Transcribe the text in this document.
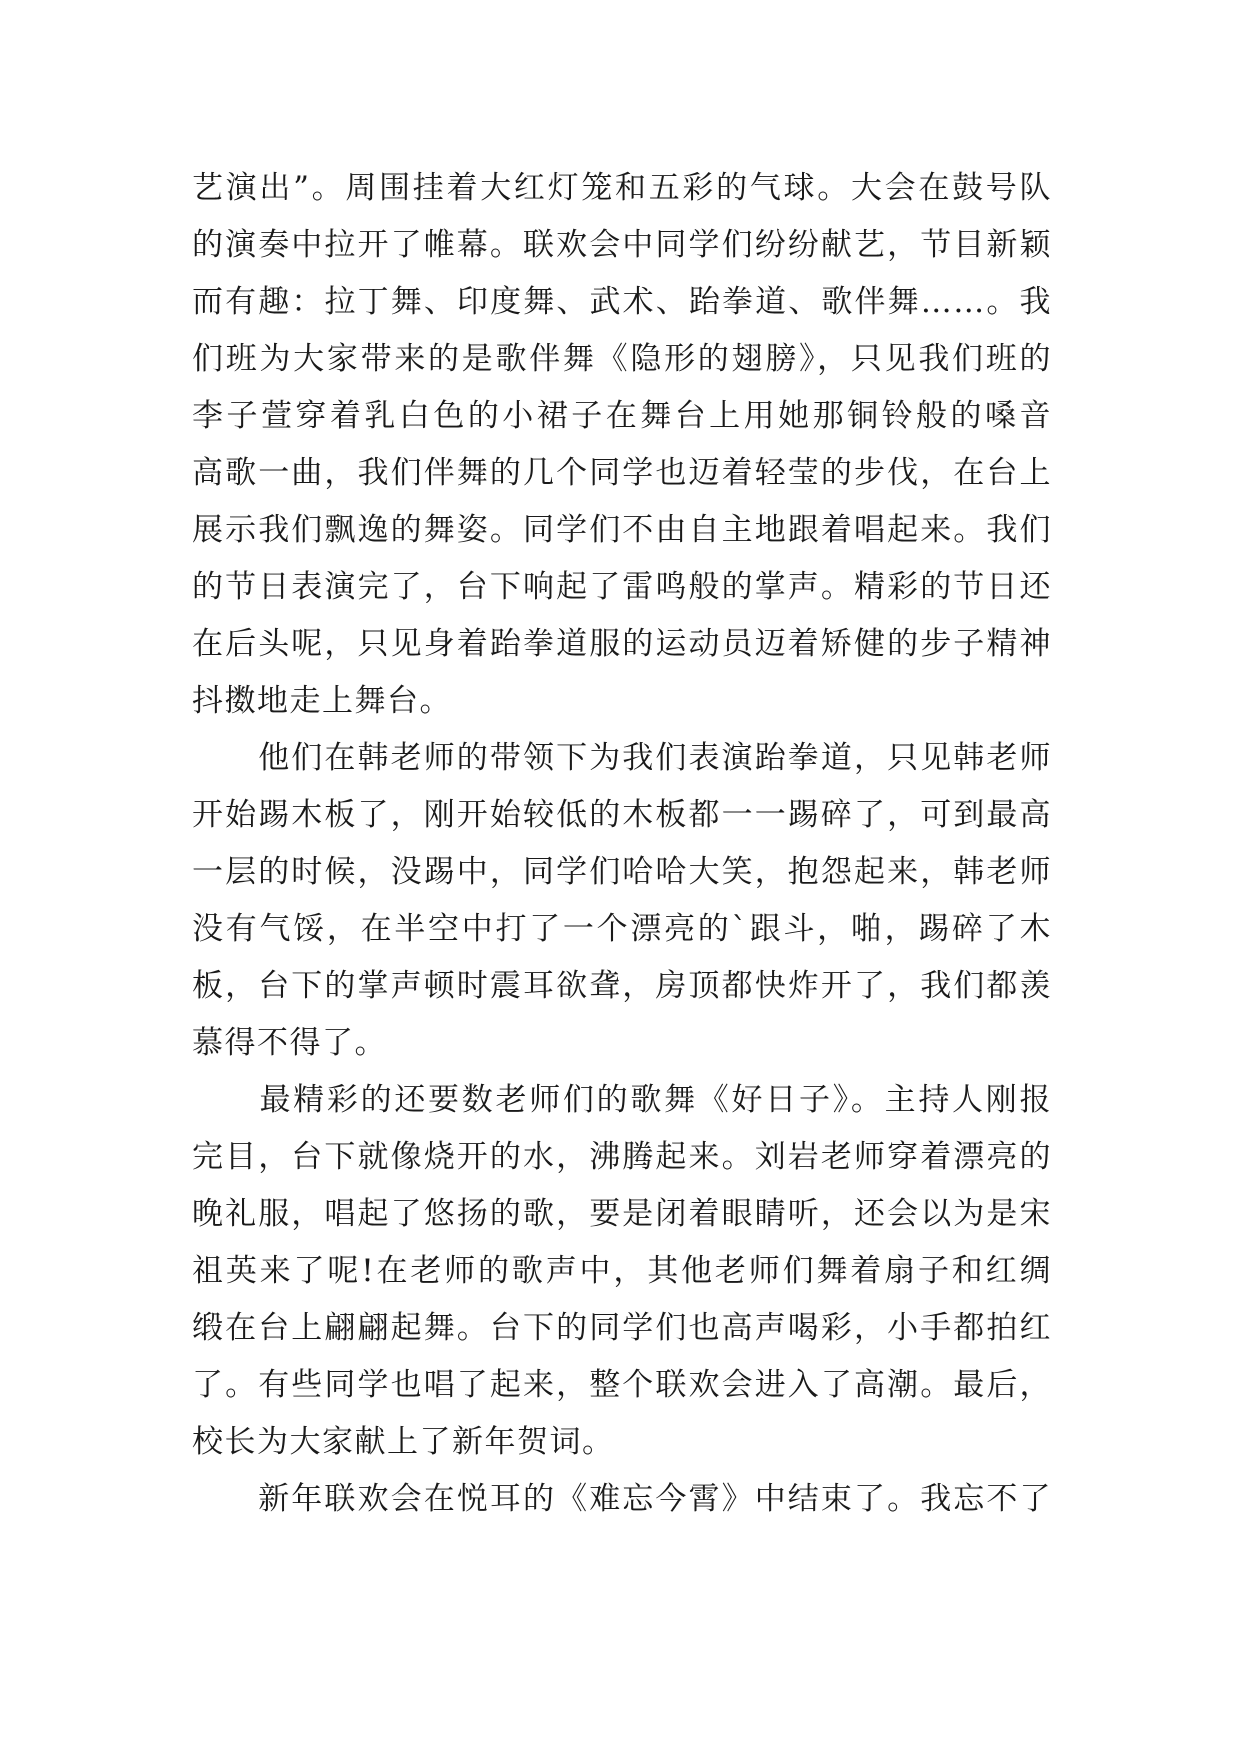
艺演出”。周围挂着大红灯笼和五彩的气球。大会在鼓号队
的演奏中拉开了帷幕。联欢会中同学们纷纷献艺，节目新颖
而有趣：拉丁舞、印度舞、武术、跆拳道、歌伴舞……。我
们班为大家带来的是歌伴舞《隐形的翅膀》，只见我们班的
李子萱穿着乳白色的小裙子在舞台上用她那铜铃般的嗓音
高歌一曲，我们伴舞的几个同学也迈着轻莹的步伐，在台上
展示我们飘逸的舞姿。同学们不由自主地跟着唱起来。我们
的节日表演完了，台下响起了雷鸣般的掌声。精彩的节日还
在后头呢，只见身着跆拳道服的运动员迈着矫健的步子精神
抖擞地走上舞台。
　　他们在韩老师的带领下为我们表演跆拳道，只见韩老师
开始踢木板了，刚开始较低的木板都一一踢碎了，可到最高
一层的时候，没踢中，同学们哈哈大笑，抱怨起来，韩老师
没有气馁，在半空中打了一个漂亮的`跟斗，啪，踢碎了木
板，台下的掌声顿时震耳欲聋，房顶都快炸开了，我们都羡
慕得不得了。
　　最精彩的还要数老师们的歌舞《好日子》。主持人刚报
完目，台下就像烧开的水，沸腾起来。刘岩老师穿着漂亮的
晚礼服，唱起了悠扬的歌，要是闭着眼睛听，还会以为是宋
祖英来了呢!在老师的歌声中，其他老师们舞着扇子和红绸
缎在台上翩翩起舞。台下的同学们也高声喝彩，小手都拍红
了。有些同学也唱了起来，整个联欢会进入了高潮。最后，
校长为大家献上了新年贺词。
　　新年联欢会在悦耳的《难忘今霄》中结束了。我忘不了
